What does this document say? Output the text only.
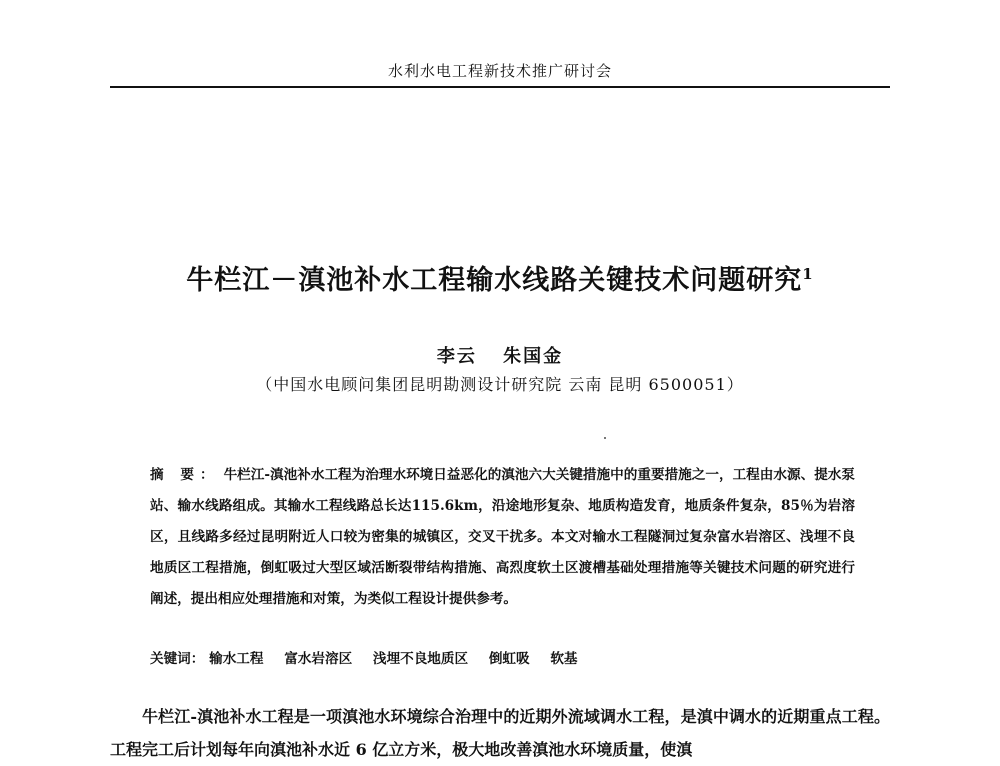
水利水电工程新技术推广研讨会
牛栏江－滇池补水工程输水线路关键技术问题研究$^1$
李云 朱国金
（中国水电顾问集团昆明勘测设计研究院 云南 昆明 6500051）
摘 要： 牛栏江-滇池补水工程为治理水环境日益恶化的滇池六大关键措施中的重要措施之一，工程由水源、提水泵站、输水线路组成。其输水工程线路总长达115.6km，沿途地形复杂、地质构造发育，地质条件复杂，85％为岩溶区，且线路多经过昆明附近人口较为密集的城镇区，交叉干扰多。本文对输水工程隧洞过复杂富水岩溶区、浅埋不良地质区工程措施，倒虹吸过大型区域活断裂带结构措施、高烈度软土区渡槽基础处理措施等关键技术问题的研究进行阐述，提出相应处理措施和对策，为类似工程设计提供参考。
关键词： 输水工程 富水岩溶区 浅埋不良地质区 倒虹吸 软基
牛栏江-滇池补水工程是一项滇池水环境综合治理中的近期外流域调水工程，是滇中调水的近期重点工程。工程完工后计划每年向滇池补水近 6 亿立方米，极大地改善滇池水环境质量，使滇
